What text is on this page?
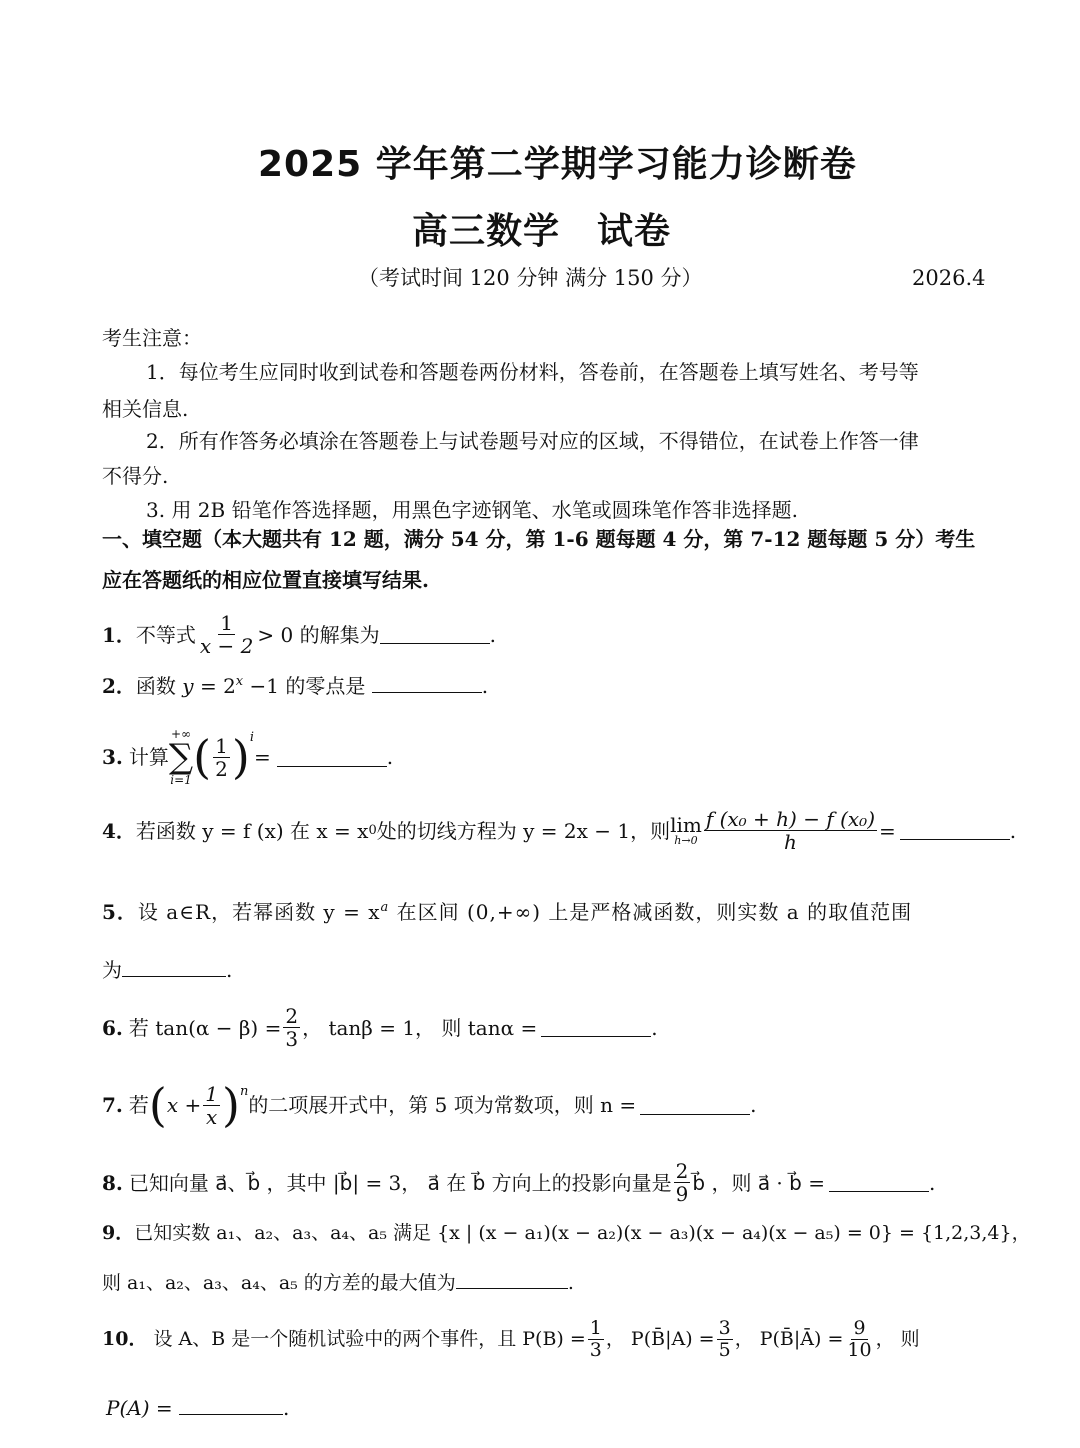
2025 学年第二学期学习能力诊断卷
高三数学　试卷
（考试时间 120 分钟 满分 150 分）	2026.4
考生注意：
1．每位考生应同时收到试卷和答题卷两份材料，答卷前，在答题卷上填写姓名、考号等
相关信息.
2．所有作答务必填涂在答题卷上与试卷题号对应的区域，不得错位，在试卷上作答一律
不得分.
3. 用 2B 铅笔作答选择题，用黑色字迹钢笔、水笔或圆珠笔作答非选择题.
一、填空题（本大题共有 12 题，满分 54 分，第 1-6 题每题 4 分，第 7-12 题每题 5 分）考生
应在答题纸的相应位置直接填写结果.
1． 不等式 $\frac{1}{x - 2} > 0$ 的解集为	.
2．函数 $y = 2^x -1$ 的零点是	.
3. 计算
+∞
∑
i=1 ( $\frac{1}{2}$ ) i
=	.
4． 若函数 y = f (x) 在 x = x 0 处的切线方程为 y = 2x − 1，则 lim
$h\to 0 \frac{\text{f (x₀ + h) − f (x₀)}}{h}$ =	.
5．设 a∈R，若幂函数 $y = x^a$ 在区间 (0,+∞) 上是严格减函数，则实数 a 的取值范围
为	.
6. 若 $\tan(\alpha - \beta) = \frac{2}{3}$ ， tanβ = 1， 则 tanα =	.
7. 若 ( $x + \frac{1}{x}$ ) n
的二项展开式中，第 5 项为常数项，则 n =	.
8. 已知向量 a⃗、b⃗ ，其中 |b⃗| = 3， a⃗ 在 b⃗ 方向上的投影向量是 $\frac{2}{9}$ b⃗ ，则 a⃗ · b⃗ =	.
9．已知实数 a₁、a₂、a₃、a₄、a₅ 满足 {x | (x − a₁)(x − a₂)(x − a₃)(x − a₄)(x − a₅) = 0} = {1,2,3,4}，
则 a₁、a₂、a₃、a₄、a₅ 的方差的最大值为	.
10． 设 A、B 是一个随机试验中的两个事件，且 $P(B) = \frac{1}{3}$ ， P(B̄|A) = $\frac{3}{5}$ ， P(B̄|Ā) = $\frac{9}{10}$ ， 则
P(A) =	.
